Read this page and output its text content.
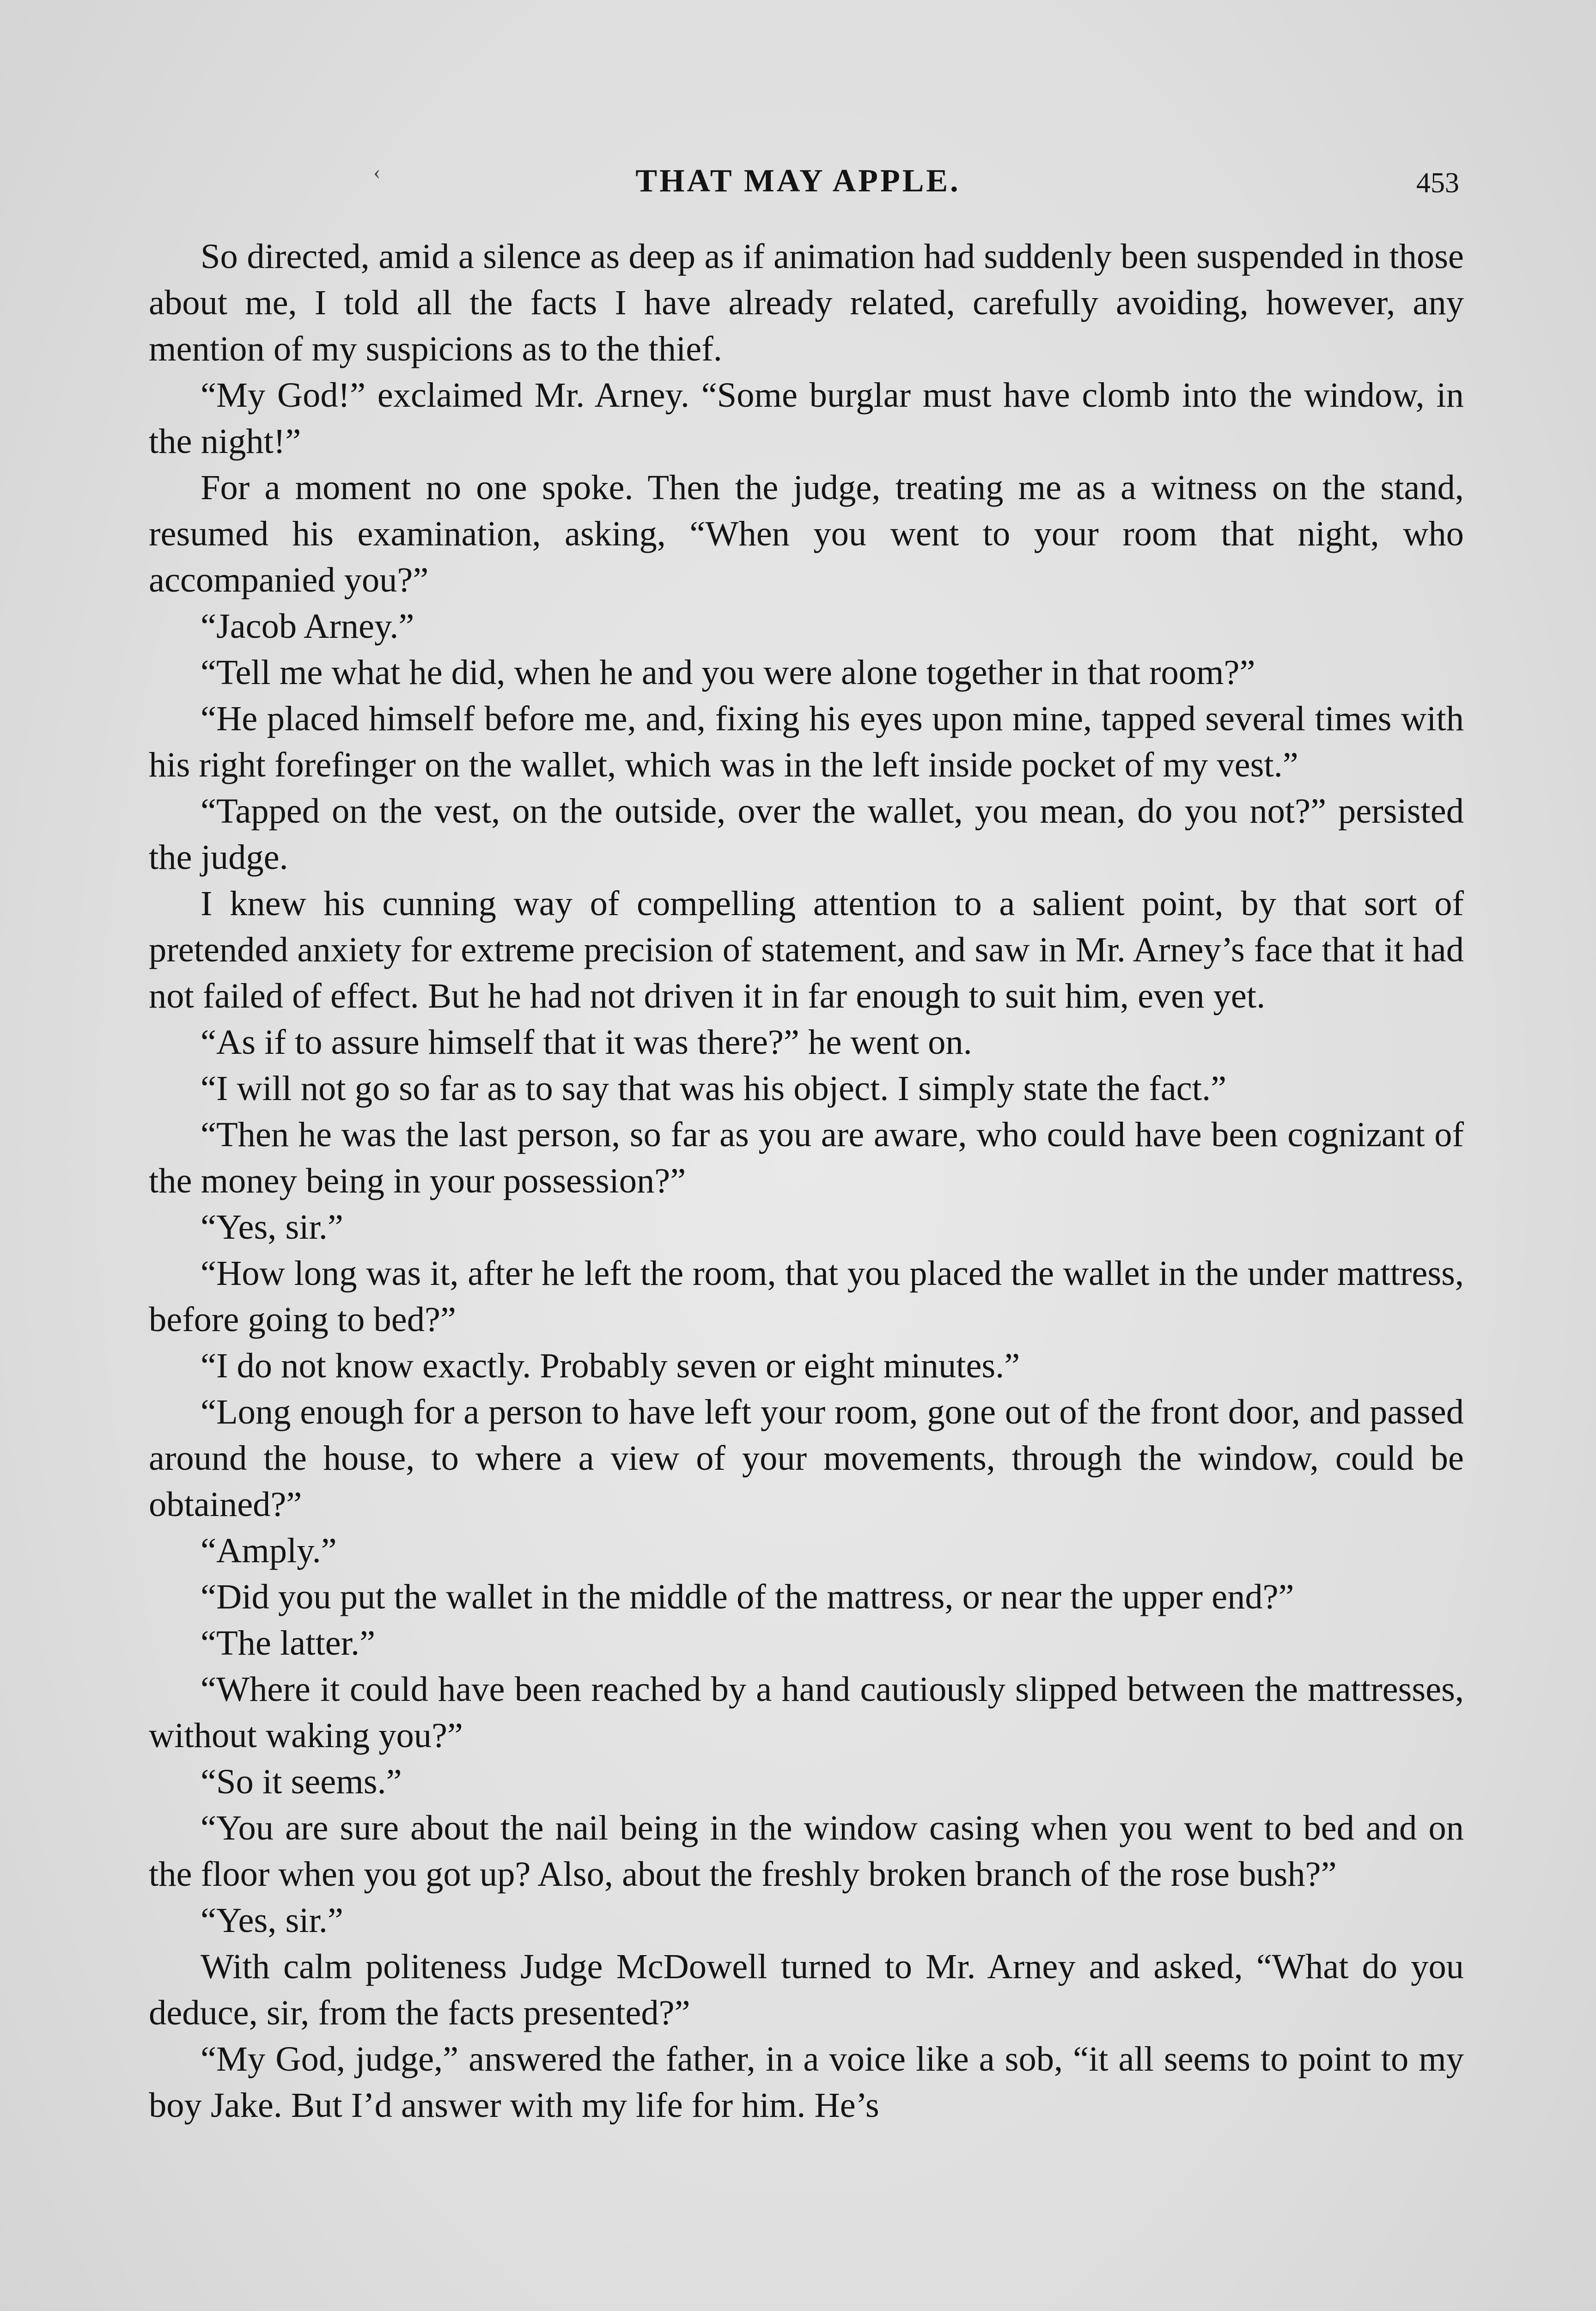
‹	THAT MAY APPLE.	453

So directed, amid a silence as deep as if animation had suddenly been suspended in those about me, I told all the facts I have already related, carefully avoiding, however, any mention of my suspicions as to the thief.

“My God!” exclaimed Mr. Arney. “Some burglar must have clomb into the window, in the night!”

For a moment no one spoke. Then the judge, treating me as a witness on the stand, resumed his examination, asking, “When you went to your room that night, who accompanied you?”

“Jacob Arney.”

“Tell me what he did, when he and you were alone together in that room?”

“He placed himself before me, and, fixing his eyes upon mine, tapped several times with his right forefinger on the wallet, which was in the left inside pocket of my vest.”

“Tapped on the vest, on the outside, over the wallet, you mean, do you not?” persisted the judge.

I knew his cunning way of compelling attention to a salient point, by that sort of pretended anxiety for extreme precision of statement, and saw in Mr. Arney’s face that it had not failed of effect. But he had not driven it in far enough to suit him, even yet.

“As if to assure himself that it was there?” he went on.

“I will not go so far as to say that was his object. I simply state the fact.”

“Then he was the last person, so far as you are aware, who could have been cognizant of the money being in your possession?”

“Yes, sir.”

“How long was it, after he left the room, that you placed the wallet in the under mattress, before going to bed?”

“I do not know exactly. Probably seven or eight minutes.”

“Long enough for a person to have left your room, gone out of the front door, and passed around the house, to where a view of your movements, through the window, could be obtained?”

“Amply.”

“Did you put the wallet in the middle of the mattress, or near the upper end?”

“The latter.”

“Where it could have been reached by a hand cautiously slipped between the mattresses, without waking you?”

“So it seems.”

“You are sure about the nail being in the window casing when you went to bed and on the floor when you got up? Also, about the freshly broken branch of the rose bush?”

“Yes, sir.”

With calm politeness Judge McDowell turned to Mr. Arney and asked, “What do you deduce, sir, from the facts presented?”

“My God, judge,” answered the father, in a voice like a sob, “it all seems to point to my boy Jake. But I’d answer with my life for him. He’s
